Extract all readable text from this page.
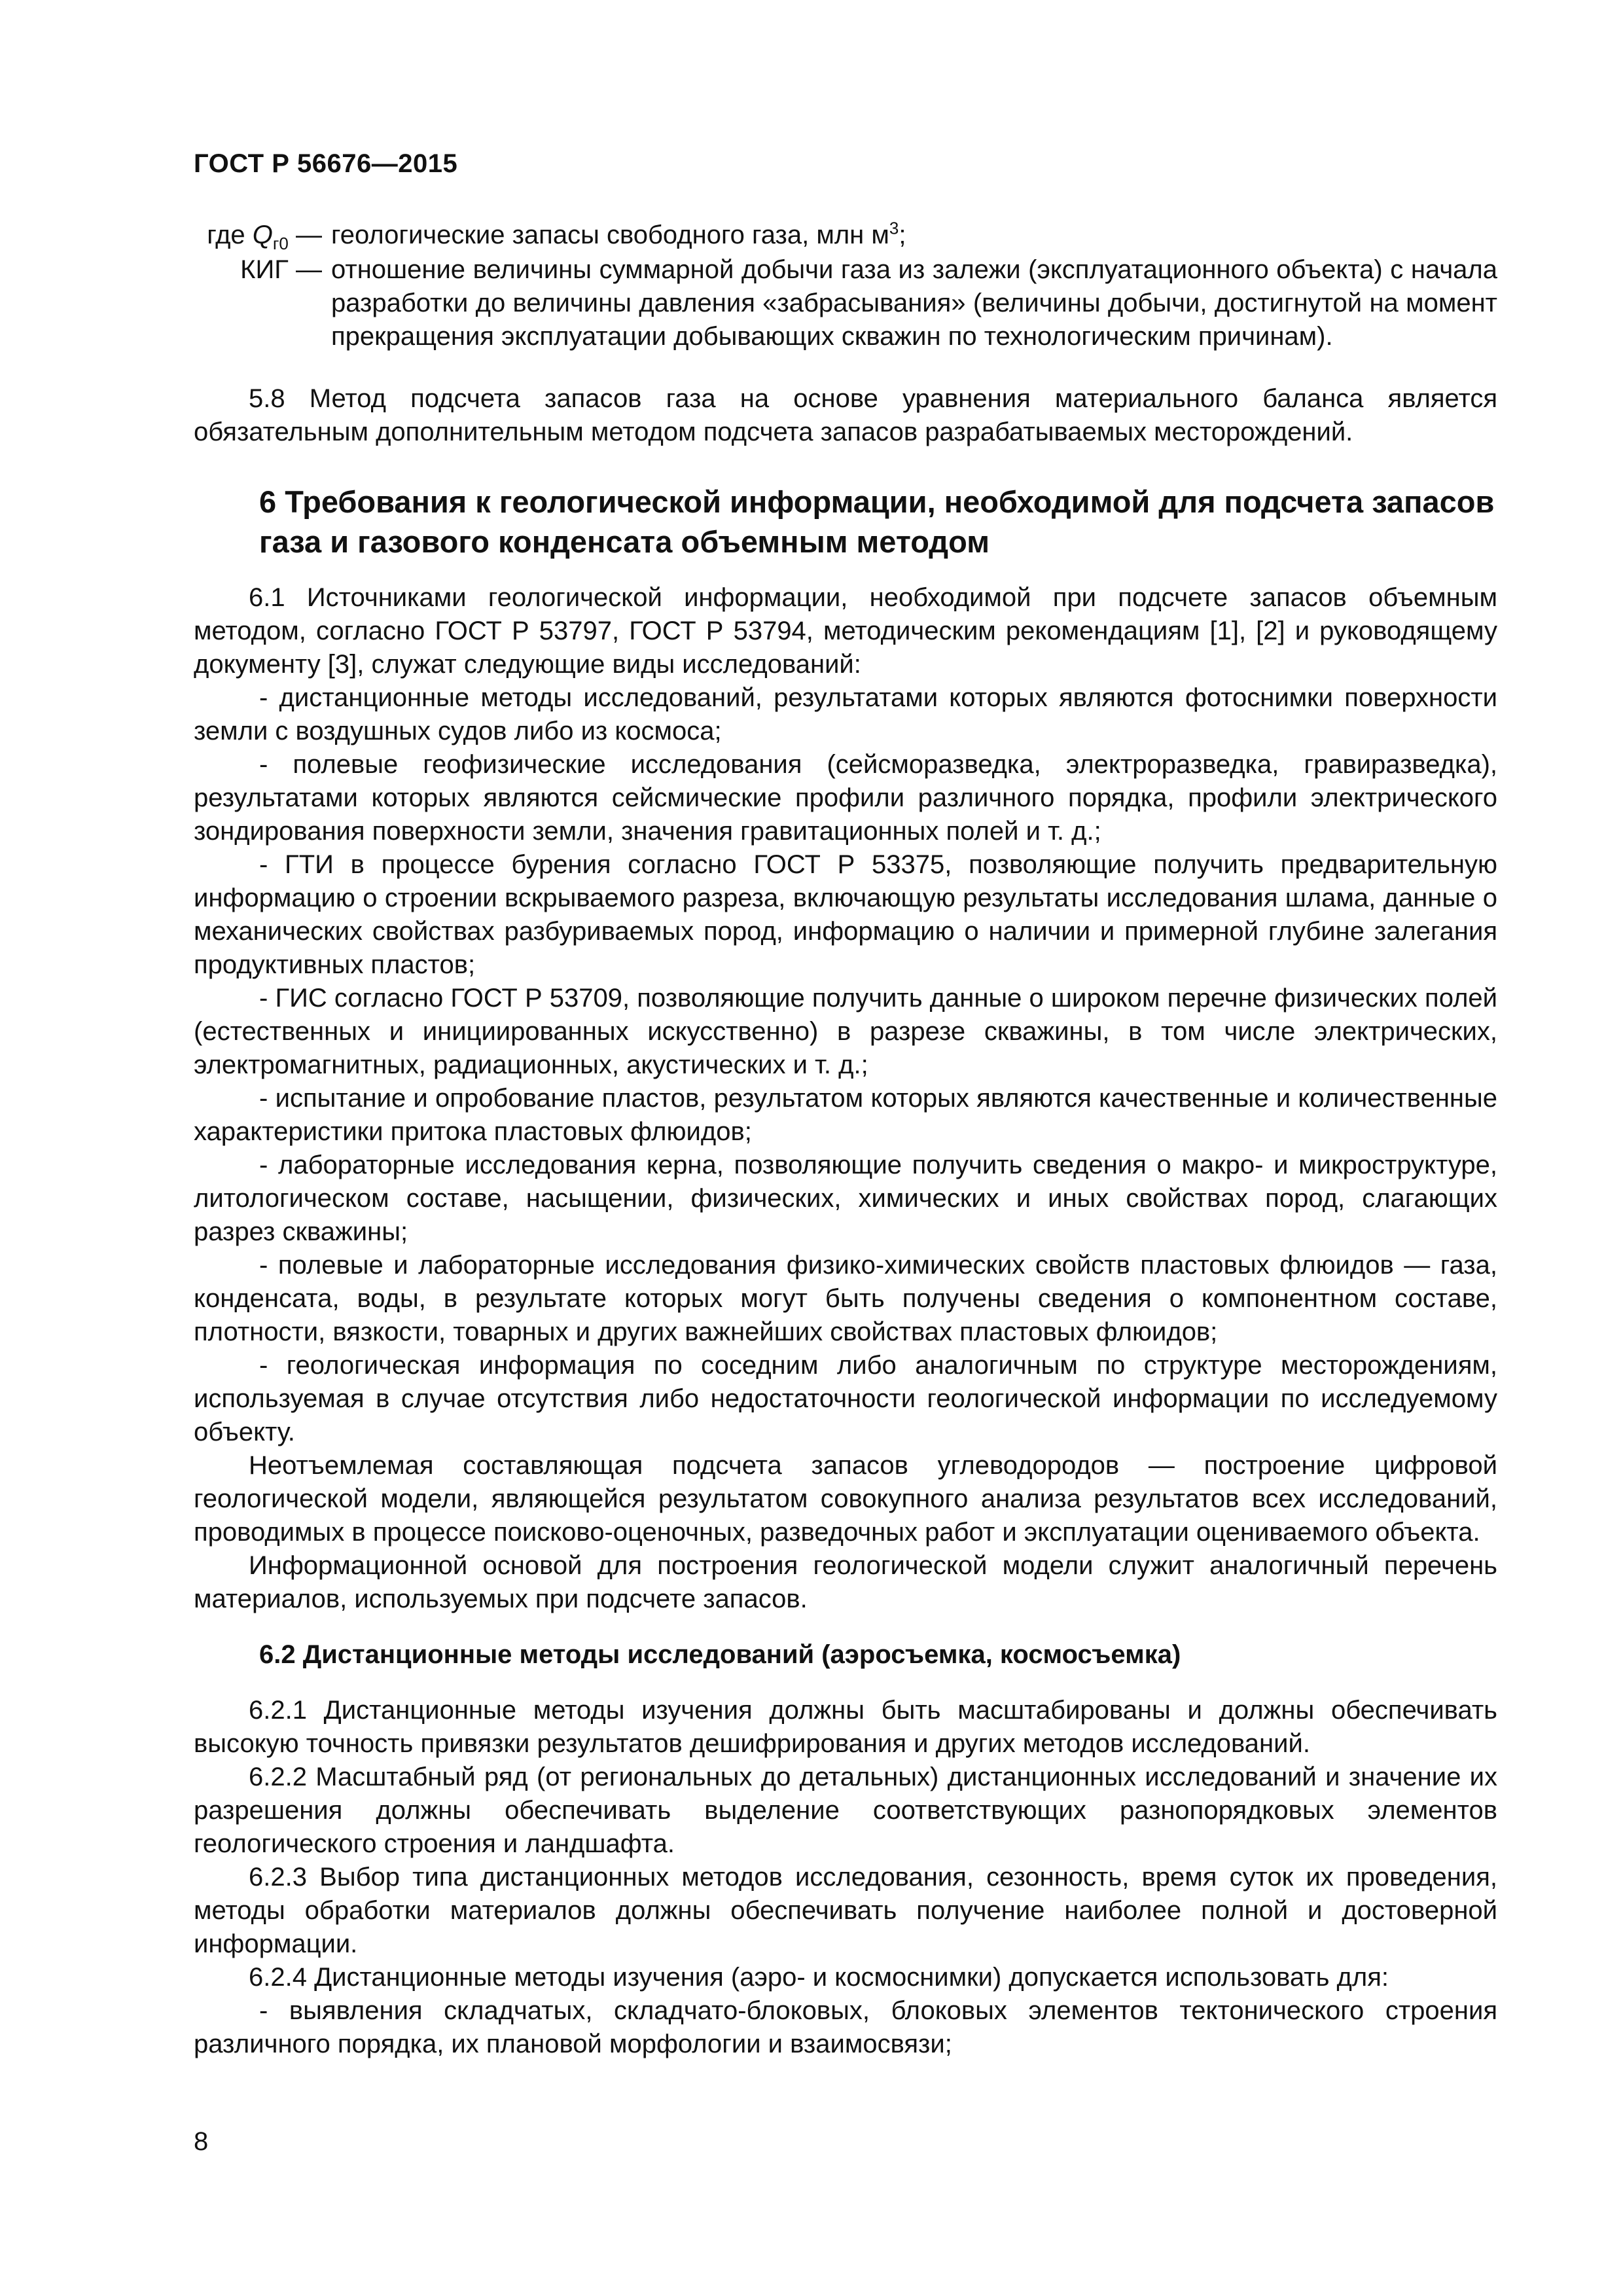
ГОСТ Р 56676—2015

где $Q_{г0}$ — геологические запасы свободного газа, млн $м^3$;
КИГ — отношение величины суммарной добычи газа из залежи (эксплуатационного объекта) с начала разработки до величины давления «забрасывания» (величины добычи, достигнутой на момент прекращения эксплуатации добывающих скважин по технологическим причинам).

5.8 Метод подсчета запасов газа на основе уравнения материального баланса является обязательным дополнительным методом подсчета запасов разрабатываемых месторождений.

6 Требования к геологической информации, необходимой для подсчета запасов газа и газового конденсата объемным методом

6.1 Источниками геологической информации, необходимой при подсчете запасов объемным методом, согласно ГОСТ Р 53797, ГОСТ Р 53794, методическим рекомендациям [1], [2] и руководящему документу [3], служат следующие виды исследований:

- дистанционные методы исследований, результатами которых являются фотоснимки поверхности земли с воздушных судов либо из космоса;

- полевые геофизические исследования (сейсморазведка, электроразведка, гравиразведка), результатами которых являются сейсмические профили различного порядка, профили электрического зондирования поверхности земли, значения гравитационных полей и т. д.;

- ГТИ в процессе бурения согласно ГОСТ Р 53375, позволяющие получить предварительную информацию о строении вскрываемого разреза, включающую результаты исследования шлама, данные о механических свойствах разбуриваемых пород, информацию о наличии и примерной глубине залегания продуктивных пластов;

- ГИС согласно ГОСТ Р 53709, позволяющие получить данные о широком перечне физических полей (естественных и инициированных искусственно) в разрезе скважины, в том числе электрических, электромагнитных, радиационных, акустических и т. д.;

- испытание и опробование пластов, результатом которых являются качественные и количественные характеристики притока пластовых флюидов;

- лабораторные исследования керна, позволяющие получить сведения о макро- и микроструктуре, литологическом составе, насыщении, физических, химических и иных свойствах пород, слагающих разрез скважины;

- полевые и лабораторные исследования физико-химических свойств пластовых флюидов — газа, конденсата, воды, в результате которых могут быть получены сведения о компонентном составе, плотности, вязкости, товарных и других важнейших свойствах пластовых флюидов;

- геологическая информация по соседним либо аналогичным по структуре месторождениям, используемая в случае отсутствия либо недостаточности геологической информации по исследуемому объекту.

Неотъемлемая составляющая подсчета запасов углеводородов — построение цифровой геологической модели, являющейся результатом совокупного анализа результатов всех исследований, проводимых в процессе поисково-оценочных, разведочных работ и эксплуатации оцениваемого объекта.

Информационной основой для построения геологической модели служит аналогичный перечень материалов, используемых при подсчете запасов.

6.2 Дистанционные методы исследований (аэросъемка, космосъемка)

6.2.1 Дистанционные методы изучения должны быть масштабированы и должны обеспечивать высокую точность привязки результатов дешифрирования и других методов исследований.

6.2.2 Масштабный ряд (от региональных до детальных) дистанционных исследований и значение их разрешения должны обеспечивать выделение соответствующих разнопорядковых элементов геологического строения и ландшафта.

6.2.3 Выбор типа дистанционных методов исследования, сезонность, время суток их проведения, методы обработки материалов должны обеспечивать получение наиболее полной и достоверной информации.

6.2.4 Дистанционные методы изучения (аэро- и космоснимки) допускается использовать для:

- выявления складчатых, складчато-блоковых, блоковых элементов тектонического строения различного порядка, их плановой морфологии и взаимосвязи;

8
